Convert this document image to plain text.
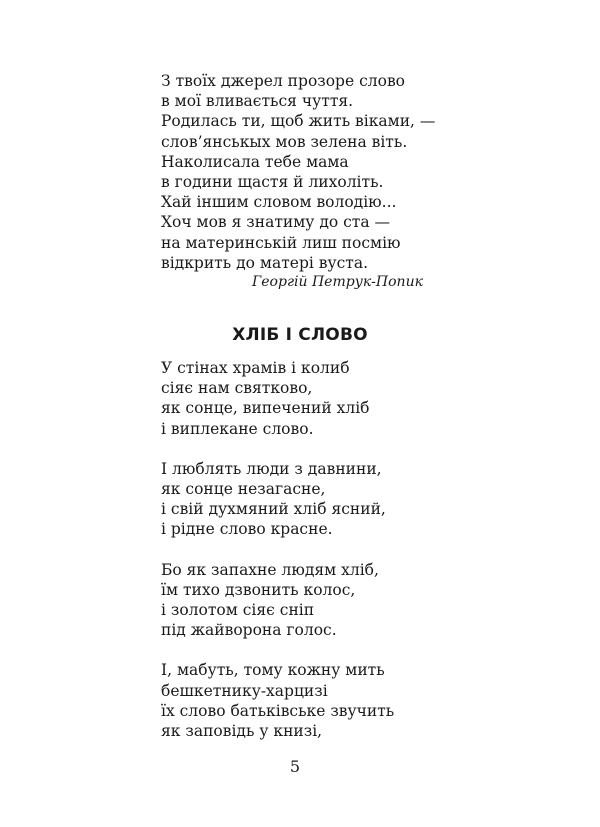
З твоїх джерел прозоре слово
в мої вливається чуття.
Родилась ти, щоб жить віками, —
слов’янськых мов зелена віть.
Наколисала тебе мама
в години щастя й лихоліть.
Хай іншим словом володію...
Хоч мов я знатиму до ста —
на материнській лиш посмію
відкрить до матері вуста.
Георгій Петрук-Попик
ХЛІБ І СЛОВО
У стінах храмів і колиб
сіяє нам святково,
як сонце, випечений хліб
і виплекане слово.
І люблять люди з давнини,
як сонце незагасне,
і свій духмяний хліб ясний,
і рідне слово красне.
Бо як запахне людям хліб,
їм тихо дзвонить колос,
і золотом сіяє сніп
під жайворона голос.
І, мабуть, тому кожну мить
бешкетнику-харцизі
їх слово батьківське звучить
як заповідь у книзі,
5
